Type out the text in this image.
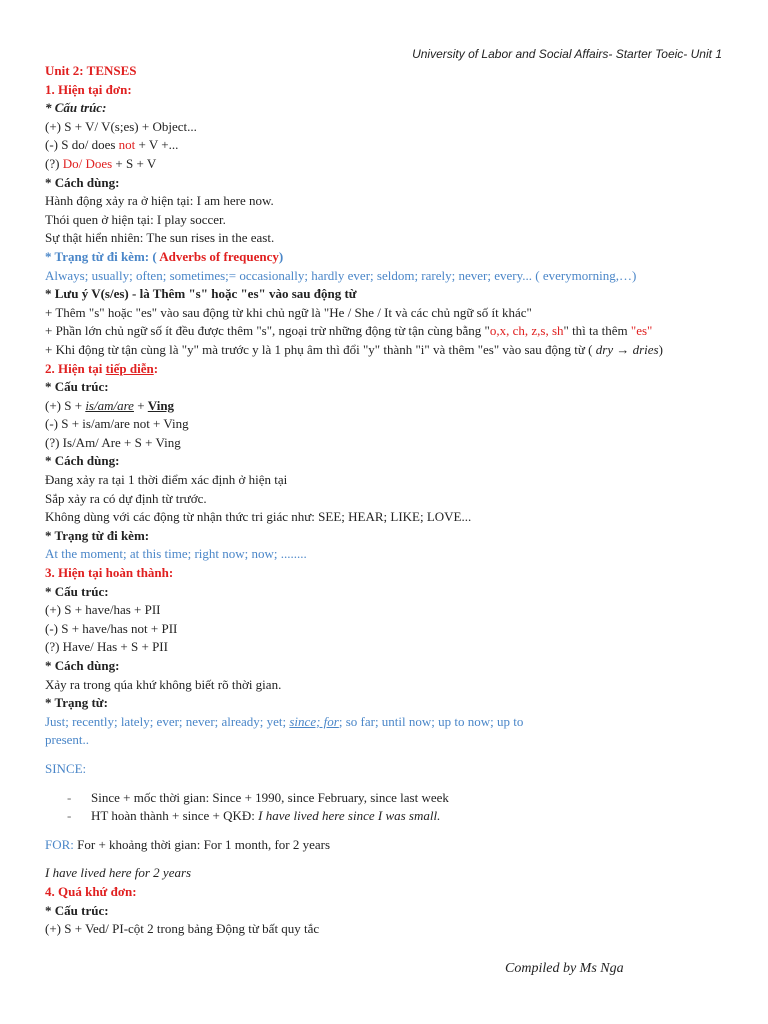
University of Labor and Social Affairs- Starter Toeic- Unit 1
Unit 2: TENSES
1. Hiện tại đơn:
* Cấu trúc:
(+) S + V/ V(s;es) + Object...
(-) S do/ does not + V +...
(?) Do/ Does + S + V
* Cách dùng:
Hành động xảy ra ở hiện tại: I am here now.
Thói quen ở hiện tại: I play soccer.
Sự thật hiển nhiên: The sun rises in the east.
* Trạng từ đi kèm: ( Adverbs of frequency)
Always; usually; often; sometimes;= occasionally; hardly ever; seldom; rarely; never; every... ( everymorning,…)
* Lưu ý V(s/es) - là Thêm "s" hoặc "es" vào sau động từ
+ Thêm "s" hoặc "es" vào sau động từ khi chủ ngữ là "He / She / It và các chủ ngữ số ít khác"
+ Phần lớn chủ ngữ số ít đều được thêm "s", ngoại trừ những động từ tận cùng bằng "o,x, ch, z,s, sh" thì ta thêm "es"
+ Khi động từ tận cùng là "y" mà trước y là 1 phụ âm thì đổi "y" thành "i" và thêm "es" vào sau động từ ( dry → dries)
2. Hiện tại tiếp diễn:
* Cấu trúc:
(+) S + is/am/are + Ving
(-) S + is/am/are not + Ving
(?) Is/Am/ Are + S + Ving
* Cách dùng:
Đang xảy ra tại 1 thời điểm xác định ở hiện tại
Sắp xảy ra có dự định từ trước.
Không dùng với các động từ nhận thức tri giác như: SEE; HEAR; LIKE; LOVE...
* Trạng từ đi kèm:
At the moment; at this time; right now; now; ........
3. Hiện tại hoàn thành:
* Cấu trúc:
(+) S + have/has + PII
(-) S + have/has not + PII
(?) Have/ Has + S + PII
* Cách dùng:
Xảy ra trong qúa khứ không biết rõ thời gian.
* Trạng từ:
Just; recently; lately; ever; never; already; yet; since; for; so far; until now; up to now; up to
present..
SINCE:
- Since + mốc thời gian: Since + 1990, since February, since last week
- HT hoàn thành + since + QKĐ: I have lived here since I was small.
FOR: For + khoảng thời gian: For 1 month, for 2 years
I have lived here for 2 years
4. Quá khứ đơn:
* Cấu trúc:
(+) S + Ved/ PI-cột 2 trong bảng Động từ bất quy tắc
Compiled by Ms Nga
